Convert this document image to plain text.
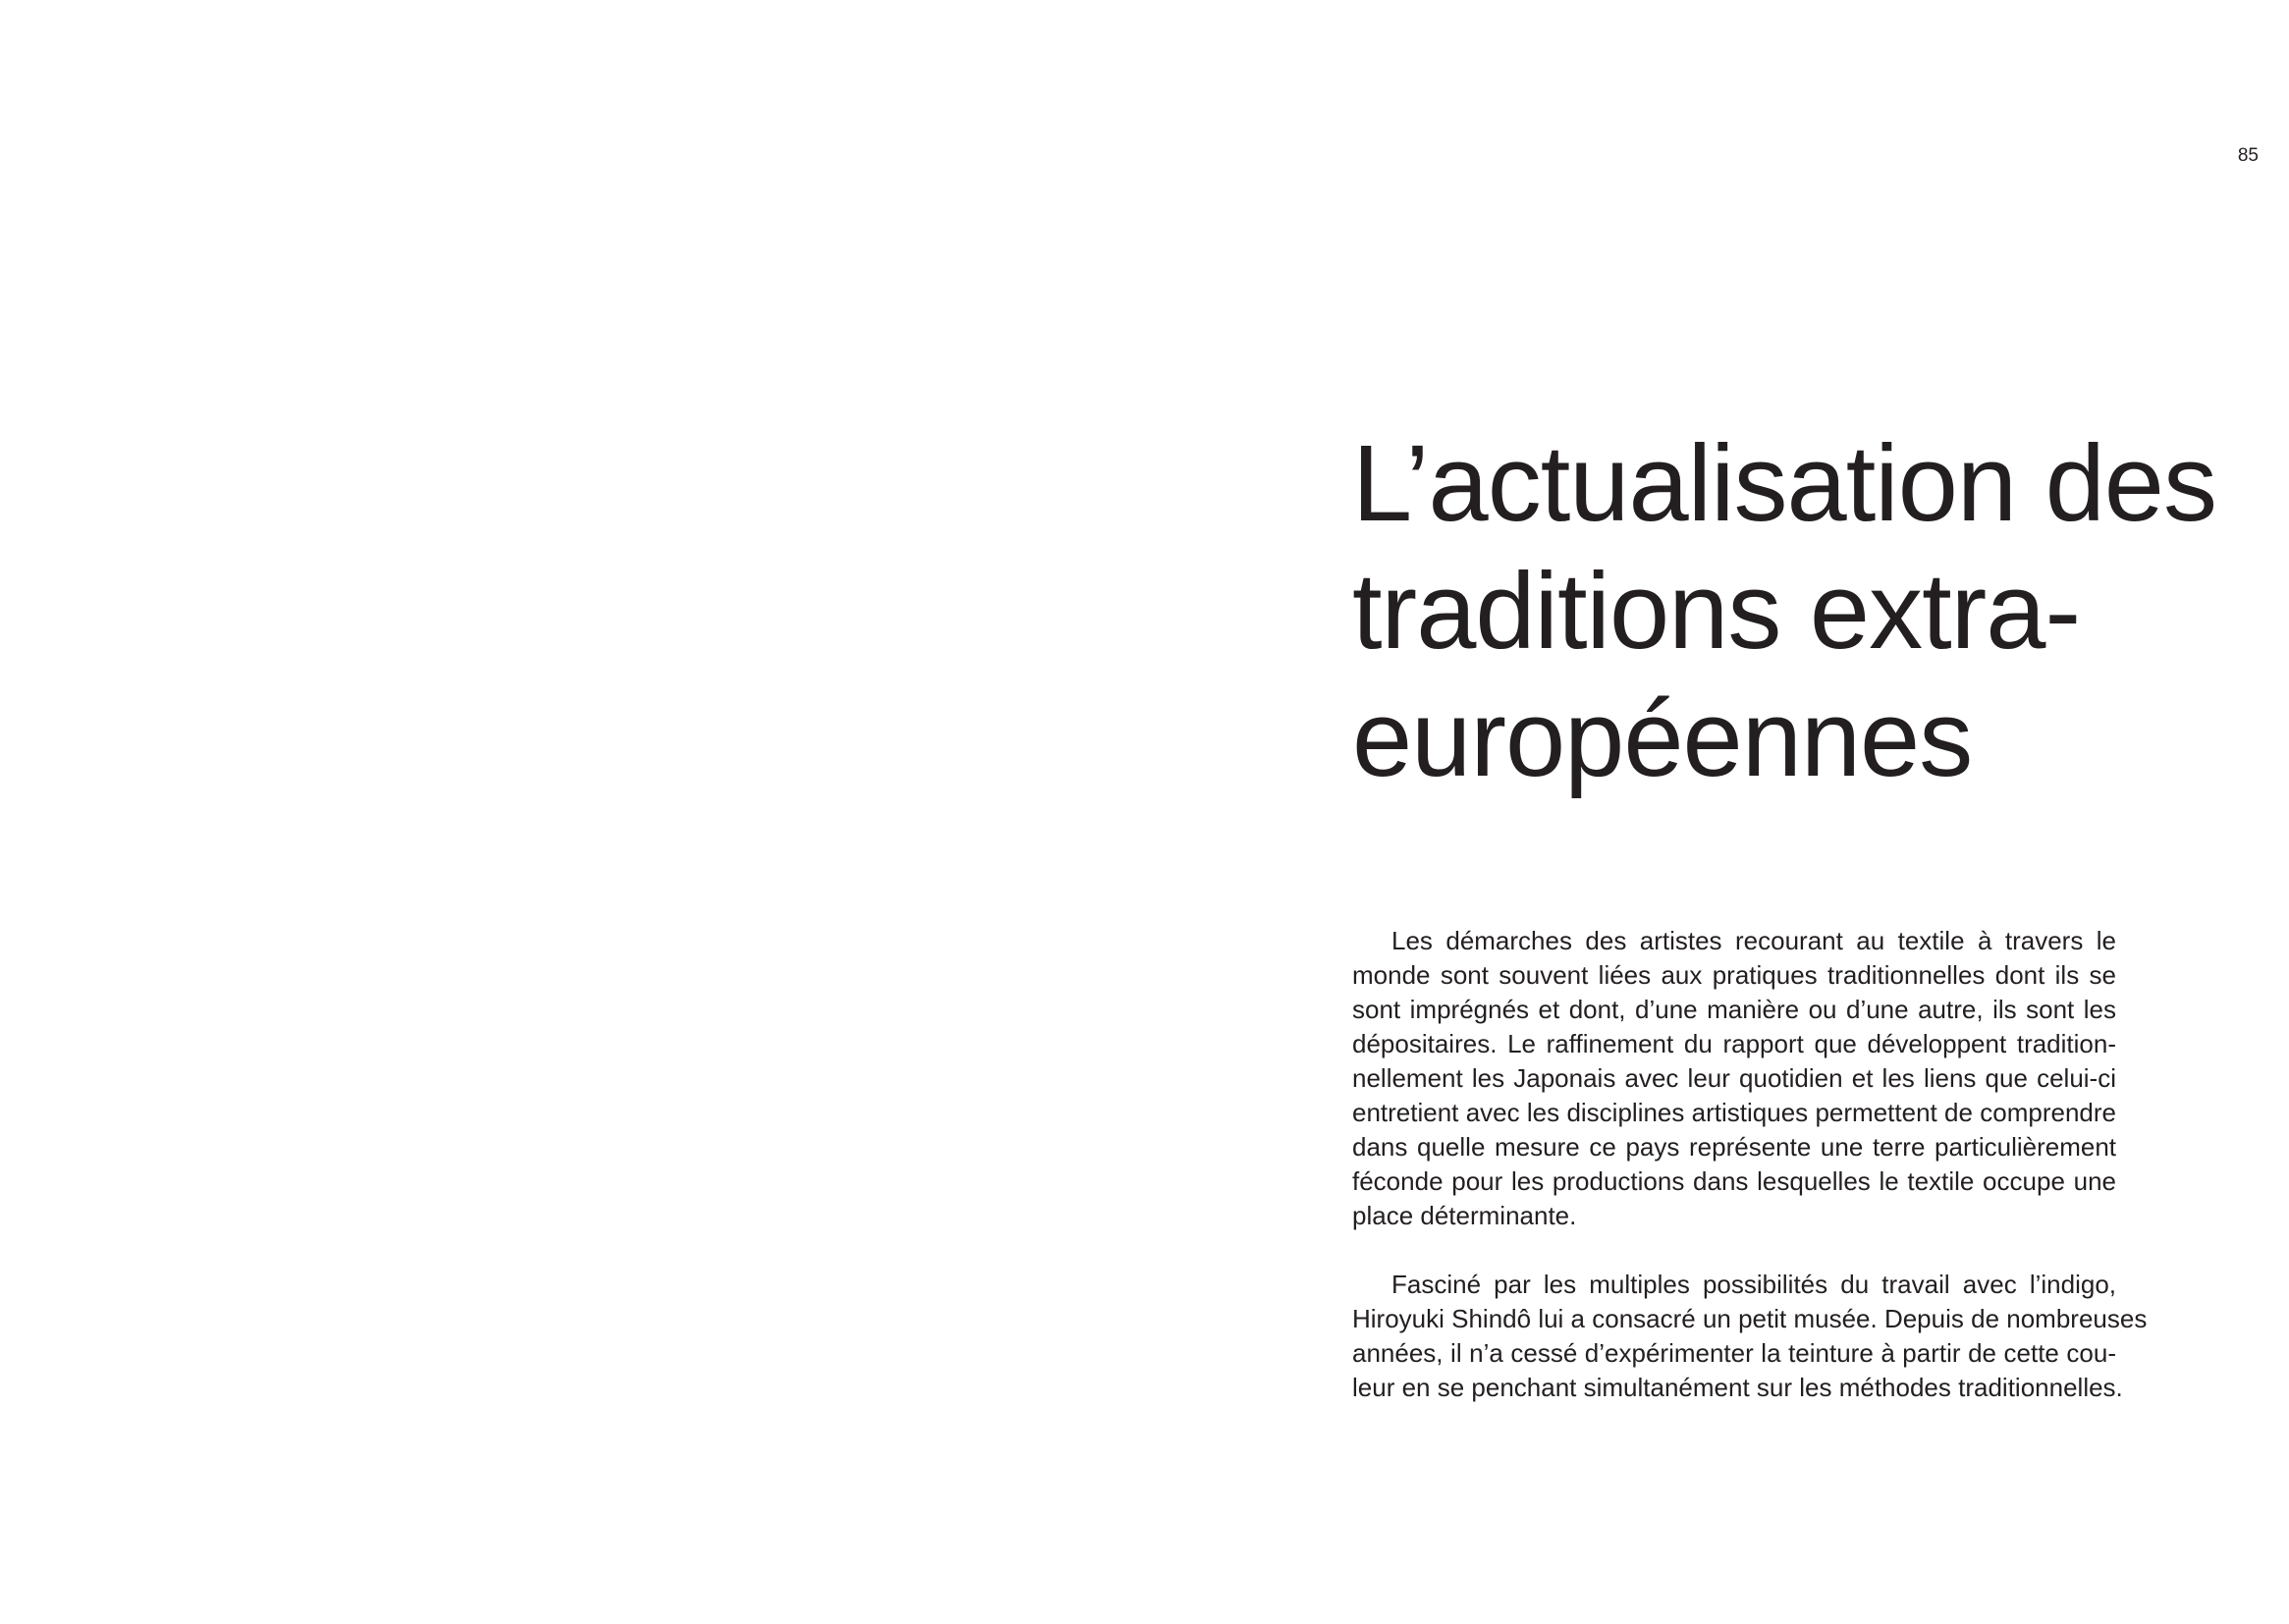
85
L’actualisation des
traditions extra-
européennes

Les démarches des artistes recourant au textile à travers le
monde sont souvent liées aux pratiques traditionnelles dont ils se
sont imprégnés et dont, d’une manière ou d’une autre, ils sont les
dépositaires. Le raffinement du rapport que développent tradition-
nellement les Japonais avec leur quotidien et les liens que celui-ci
entretient avec les disciplines artistiques permettent de comprendre
dans quelle mesure ce pays représente une terre particulièrement
féconde pour les productions dans lesquelles le textile occupe une
place déterminante.

Fasciné par les multiples possibilités du travail avec l’indigo,
Hiroyuki Shindô lui a consacré un petit musée. Depuis de nombreuses
années, il n’a cessé d’expérimenter la teinture à partir de cette cou-
leur en se penchant simultanément sur les méthodes traditionnelles.
